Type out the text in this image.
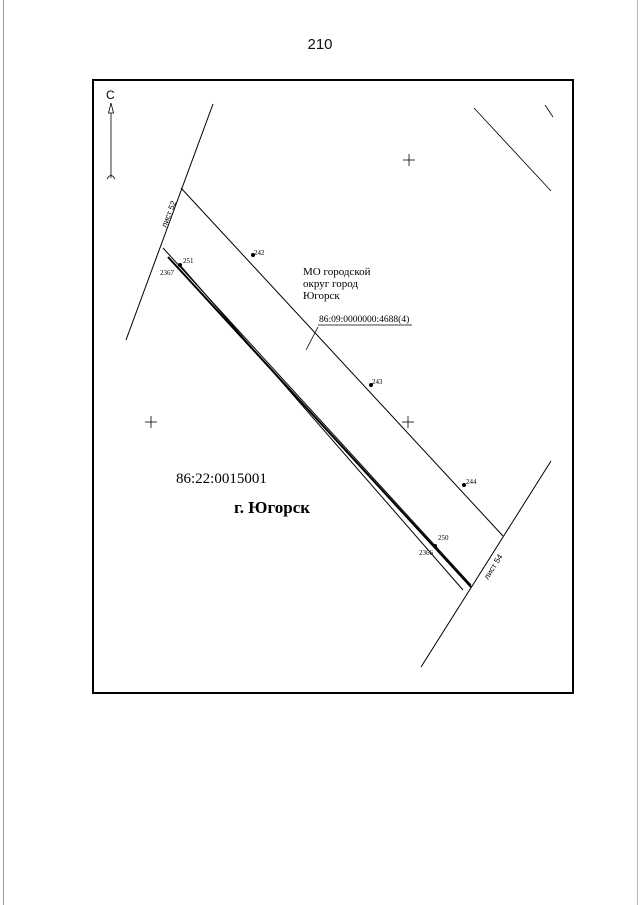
210
С
лист 52
лист 54
242
243
244
251
2367
250
2366
МО городской
округ город
Югорск
86:09:0000000:4688(4)
86:22:0015001
г. Югорск
